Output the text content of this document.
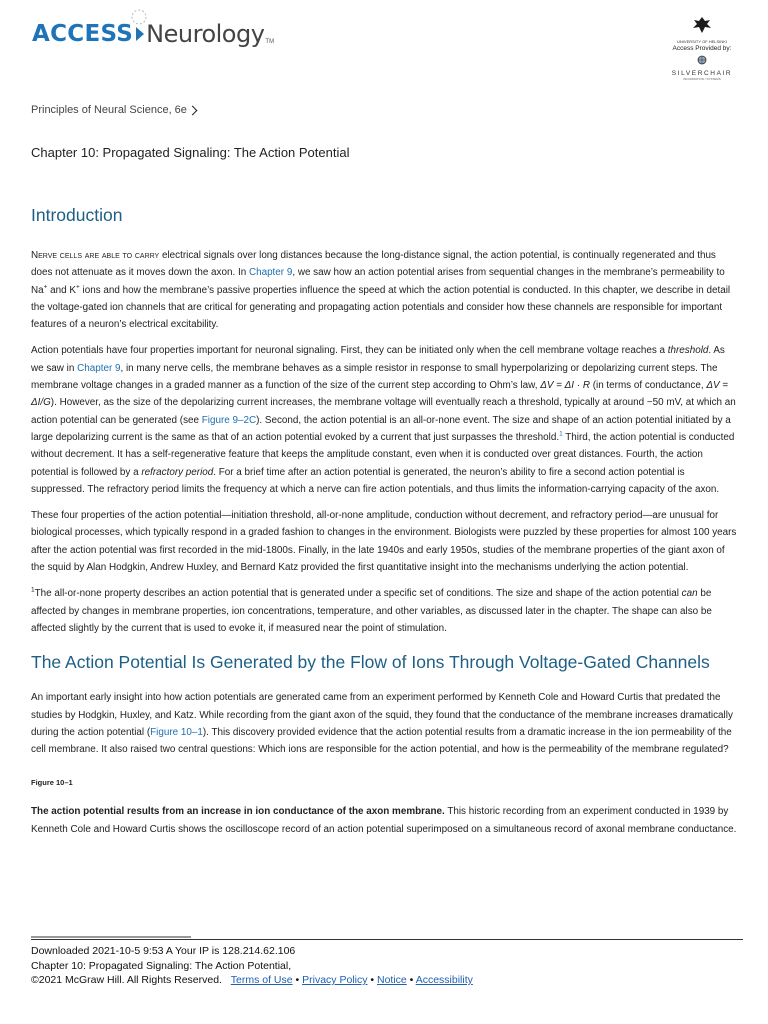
ACCESS Neurology TM	UNIVERSITY OF HELSINKI
Access Provided by:
SILVERCHAIR
INFORMATION / SYSTEMS
Principles of Neural Science, 6e
Chapter 10: Propagated Signaling: The Action Potential
Introduction

Nerve cells are able to carry electrical signals over long distances because the long-distance signal, the action potential, is continually regenerated and thus does not attenuate as it moves down the axon. In Chapter 9, we saw how an action potential arises from sequential changes in the membrane’s permeability to Na+ and K+ ions and how the membrane’s passive properties influence the speed at which the action potential is conducted. In this chapter, we describe in detail the voltage-gated ion channels that are critical for generating and propagating action potentials and consider how these channels are responsible for important features of a neuron’s electrical excitability.

Action potentials have four properties important for neuronal signaling. First, they can be initiated only when the cell membrane voltage reaches a threshold. As we saw in Chapter 9, in many nerve cells, the membrane behaves as a simple resistor in response to small hyperpolarizing or depolarizing current steps. The membrane voltage changes in a graded manner as a function of the size of the current step according to Ohm’s law, ΔV = ΔI · R (in terms of conductance, ΔV = ΔI/G). However, as the size of the depolarizing current increases, the membrane voltage will eventually reach a threshold, typically at around −50 mV, at which an action potential can be generated (see Figure 9–2C). Second, the action potential is an all-or-none event. The size and shape of an action potential initiated by a large depolarizing current is the same as that of an action potential evoked by a current that just surpasses the threshold.$^1$ Third, the action potential is conducted without decrement. It has a self-regenerative feature that keeps the amplitude constant, even when it is conducted over great distances. Fourth, the action potential is followed by a refractory period. For a brief time after an action potential is generated, the neuron’s ability to fire a second action potential is suppressed. The refractory period limits the frequency at which a nerve can fire action potentials, and thus limits the information-carrying capacity of the axon.

These four properties of the action potential—initiation threshold, all-or-none amplitude, conduction without decrement, and refractory period—are unusual for biological processes, which typically respond in a graded fashion to changes in the environment. Biologists were puzzled by these properties for almost 100 years after the action potential was first recorded in the mid-1800s. Finally, in the late 1940s and early 1950s, studies of the membrane properties of the giant axon of the squid by Alan Hodgkin, Andrew Huxley, and Bernard Katz provided the first quantitative insight into the mechanisms underlying the action potential.

$^1$The all-or-none property describes an action potential that is generated under a specific set of conditions. The size and shape of the action potential can be affected by changes in membrane properties, ion concentrations, temperature, and other variables, as discussed later in the chapter. The shape can also be affected slightly by the current that is used to evoke it, if measured near the point of stimulation.

The Action Potential Is Generated by the Flow of Ions Through Voltage-Gated Channels

An important early insight into how action potentials are generated came from an experiment performed by Kenneth Cole and Howard Curtis that predated the studies by Hodgkin, Huxley, and Katz. While recording from the giant axon of the squid, they found that the conductance of the membrane increases dramatically during the action potential (Figure 10–1). This discovery provided evidence that the action potential results from a dramatic increase in the ion permeability of the cell membrane. It also raised two central questions: Which ions are responsible for the action potential, and how is the permeability of the membrane regulated?

Figure 10–1

The action potential results from an increase in ion conductance of the axon membrane. This historic recording from an experiment conducted in 1939 by Kenneth Cole and Howard Curtis shows the oscilloscope record of an action potential superimposed on a simultaneous record of axonal membrane conductance.

Downloaded 2021-10-5 9:53 A Your IP is 128.214.62.106
Chapter 10: Propagated Signaling: The Action Potential,
©2021 McGraw Hill. All Rights Reserved. Terms of Use • Privacy Policy • Notice • Accessibility
